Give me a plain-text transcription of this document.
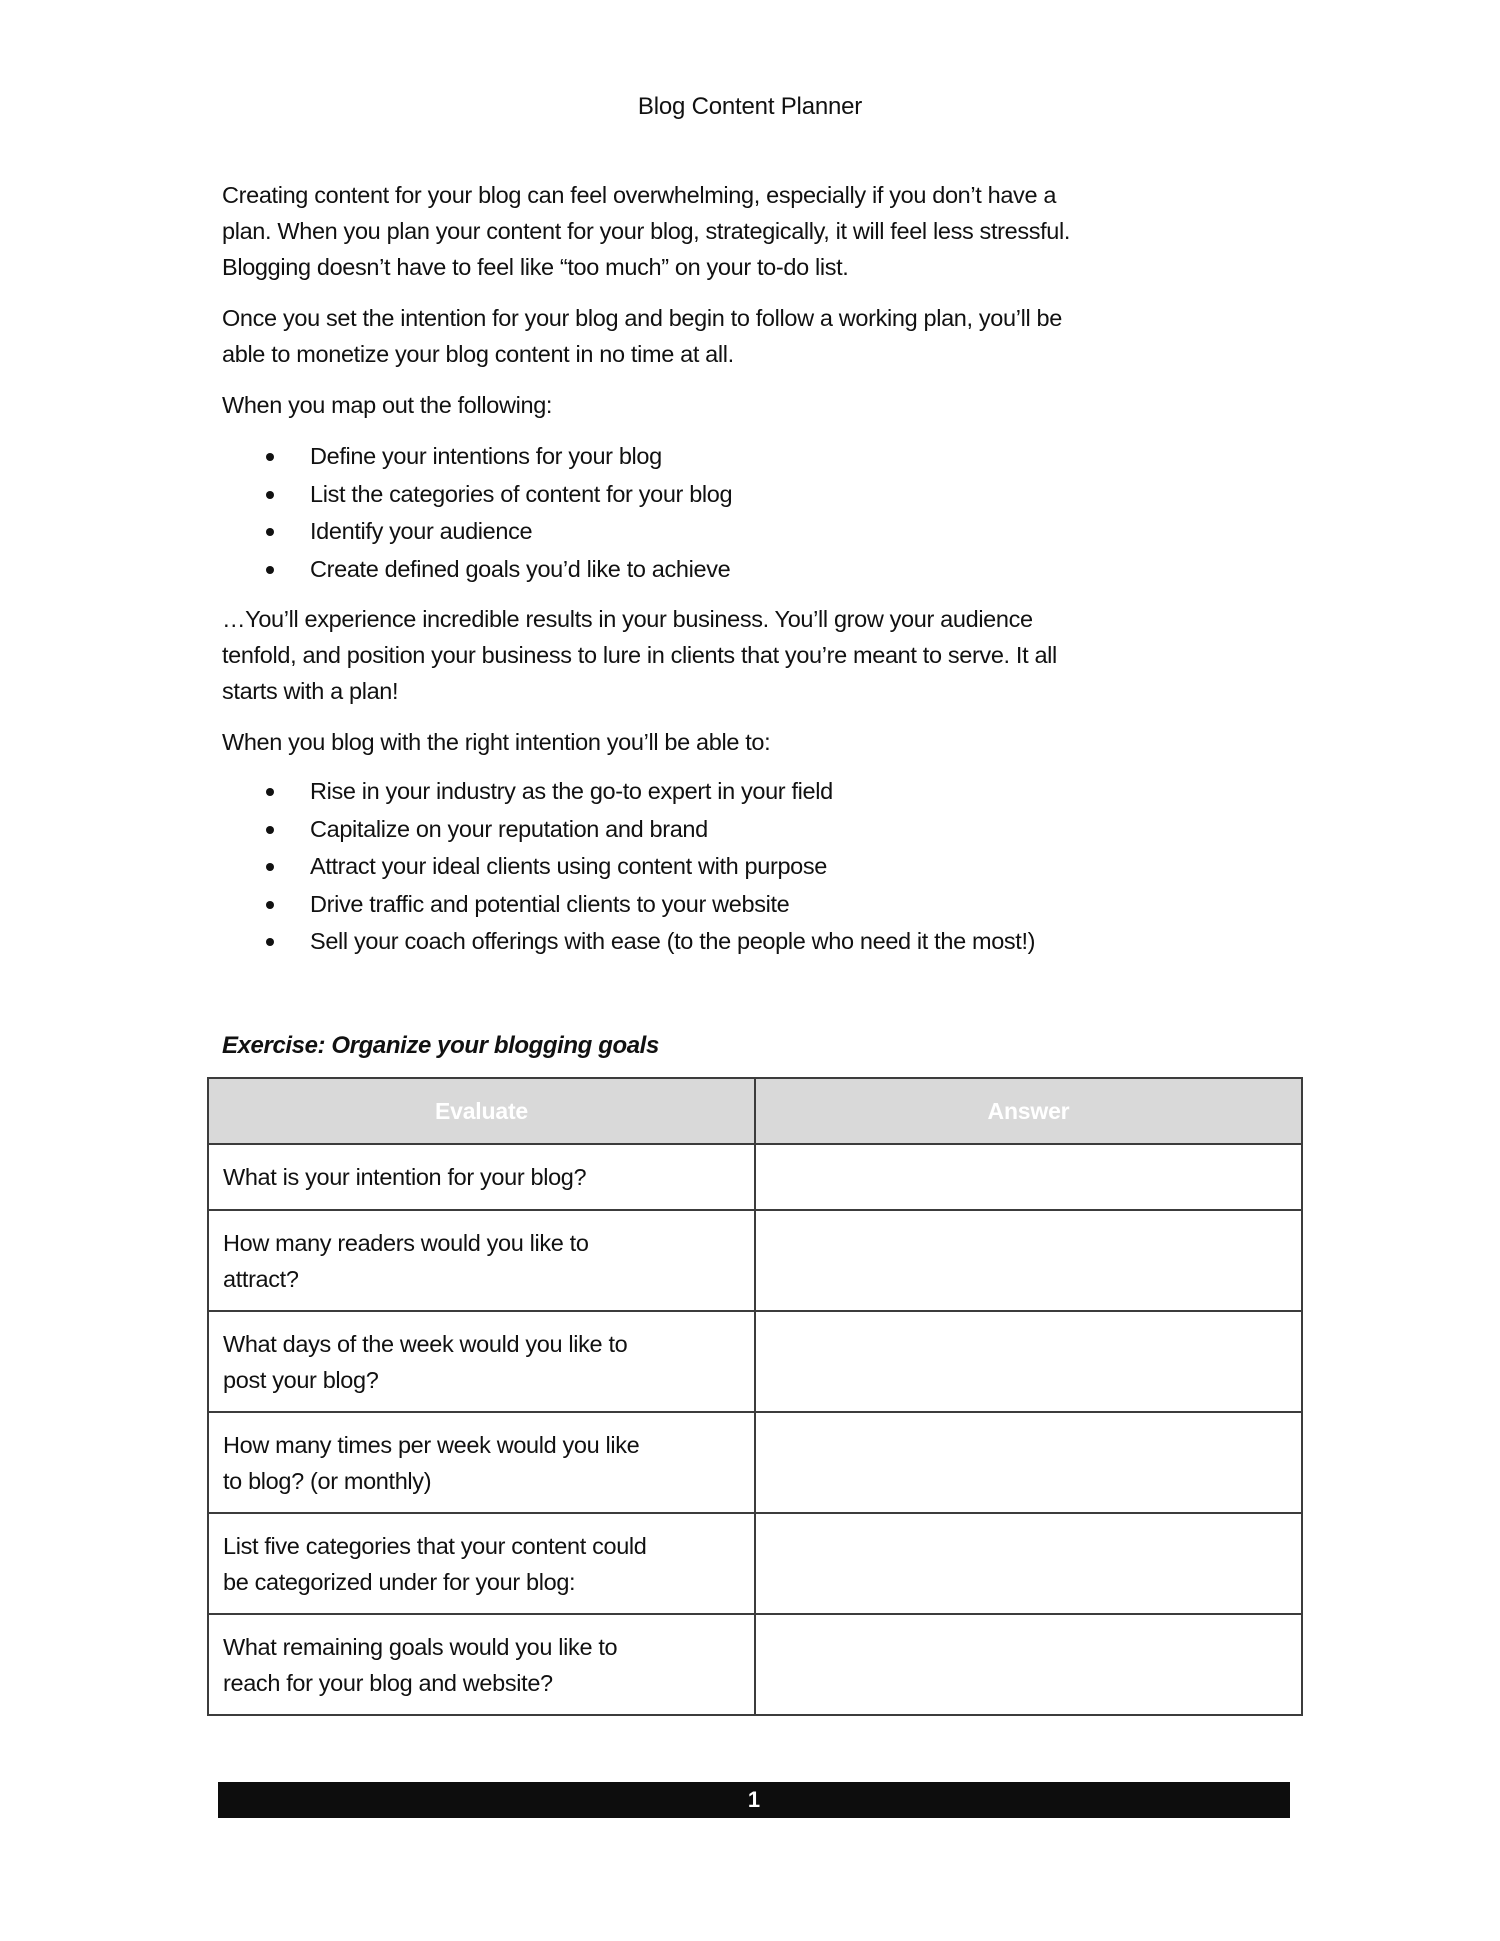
Blog Content Planner
Creating content for your blog can feel overwhelming, especially if you don’t have a
plan. When you plan your content for your blog, strategically, it will feel less stressful.
Blogging doesn’t have to feel like “too much” on your to-do list.
Once you set the intention for your blog and begin to follow a working plan, you’ll be
able to monetize your blog content in no time at all.
When you map out the following:
Define your intentions for your blog
List the categories of content for your blog
Identify your audience
Create defined goals you’d like to achieve
…You’ll experience incredible results in your business. You’ll grow your audience
tenfold, and position your business to lure in clients that you’re meant to serve. It all
starts with a plan!
When you blog with the right intention you’ll be able to:
Rise in your industry as the go-to expert in your field
Capitalize on your reputation and brand
Attract your ideal clients using content with purpose
Drive traffic and potential clients to your website
Sell your coach offerings with ease (to the people who need it the most!)
Exercise: Organize your blogging goals
Evaluate	Answer
What is your intention for your blog?	
How many readers would you like to
attract?	
What days of the week would you like to
post your blog?	
How many times per week would you like
to blog? (or monthly)	
List five categories that your content could
be categorized under for your blog:	
What remaining goals would you like to
reach for your blog and website?	
1
